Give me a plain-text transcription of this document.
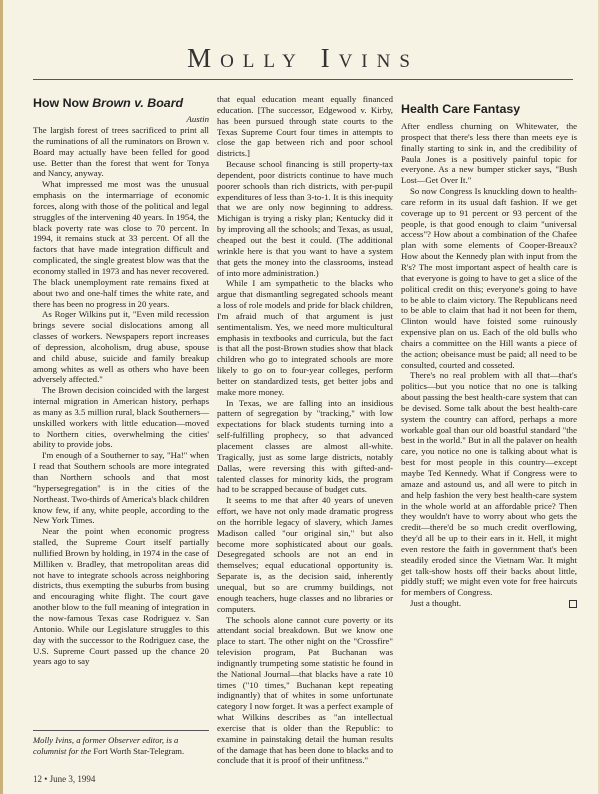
Molly Ivins
How Now Brown v. Board
Austin

The largish forest of trees sacrificed to print all the ruminations of all the ruminators on Brown v. Board may actually have been felled for good use. Better than the forest that went for Tonya and Nancy, anyway.

What impressed me most was the unusual emphasis on the intermarriage of economic forces, along with those of the political and legal struggles of the intervening 40 years. In 1954, the black poverty rate was close to 70 percent. In 1994, it remains stuck at 33 percent. Of all the factors that have made integration difficult and complicated, the single greatest blow was that the economy stalled in 1973 and has never recovered. The black unemployment rate remains fixed at about two and one-half times the white rate, and there has been no progress in 20 years.

As Roger Wilkins put it, "Even mild recession brings severe social dislocations among all classes of workers. Newspapers report increases of depression, alcoholism, drug abuse, spouse and child abuse, suicide and family breakup among whites as well as others who have been adversely affected."

The Brown decision coincided with the largest internal migration in American history, perhaps as many as 3.5 million rural, black Southerners—unskilled workers with little education—moved to Northern cities, overwhelming the cities' ability to provide jobs.

I'm enough of a Southerner to say, "Ha!" when I read that Southern schools are more integrated than Northern schools and that most "hypersegregation" is in the cities of the Northeast. Two-thirds of America's black children know few, if any, white people, according to the New York Times.

Near the point when economic progress stalled, the Supreme Court itself partially nullified Brown by holding, in 1974 in the case of Milliken v. Bradley, that metropolitan areas did not have to integrate schools across neighboring districts, thus exempting the suburbs from busing and encouraging white flight. The court gave another blow to the full meaning of integration in the now-famous Texas case Rodriguez v. San Antonio. While our Legislature struggles to this day with the successor to the Rodriguez case, the U.S. Supreme Court passed up the chance 20 years ago to say

that equal education meant equally financed education. [The successor, Edgewood v. Kirby, has been pursued through state courts to the Texas Supreme Court four times in attempts to close the gap between rich and poor school districts.]

Because school financing is still property-tax dependent, poor districts continue to have much poorer schools than rich districts, with per-pupil expenditures of less than 3-to-1. It is this inequity that we are only now beginning to address. Michigan is trying a risky plan; Kentucky did it by improving all the schools; and Texas, as usual, cheaped out the best it could. (The additional wrinkle here is that you want to have a system that gets the money into the classrooms, instead of into more administration.)

While I am sympathetic to the blacks who argue that dismantling segregated schools meant a loss of role models and pride for black children, I'm afraid much of that argument is just sentimentalism. Yes, we need more multicultural emphasis in textbooks and curricula, but the fact is that all the post-Brown studies show that black children who go to integrated schools are more likely to go on to four-year colleges, perform better on standardized tests, get better jobs and make more money.

In Texas, we are falling into an insidious pattern of segregation by "tracking," with low expectations for black students turning into a self-fulfilling prophecy, so that advanced placement classes are almost all-white. Tragically, just as some large districts, notably Dallas, were reversing this with gifted-and-talented classes for minority kids, the program had to be scrapped because of budget cuts.

It seems to me that after 40 years of uneven effort, we have not only made dramatic progress on the horrible legacy of slavery, which James Madison called "our original sin," but also become more sophisticated about our goals. Desegregated schools are not an end in themselves; equal educational opportunity is. Separate is, as the decision said, inherently unequal, but so are crummy buildings, not enough teachers, huge classes and no libraries or computers.

The schools alone cannot cure poverty or its attendant social breakdown. But we know one place to start. The other night on the "Crossfire" television program, Pat Buchanan was indignantly trumpeting some statistic he found in the National Journal—that blacks have a rate 10 times ("10 times," Buchanan kept repeating indignantly) that of whites in some unfortunate category I now forget. It was a perfect example of what Wilkins describes as "an intellectual exercise that is older than the Republic: to examine in painstaking detail the human results of the damage that has been done to blacks and to conclude that it is proof of their unfitness."

Health Care Fantasy

After endless churning on Whitewater, the prospect that there's less there than meets eye is finally starting to sink in, and the credibility of Paula Jones is a positively painful topic for everyone. As a new bumper sticker says, "Bush Lost—Get Over It."

So now Congress Is knuckling down to health-care reform in its usual daft fashion. If we get coverage up to 91 percent or 93 percent of the people, is that good enough to claim "universal access"? How about a combination of the Chafee plan with some elements of Cooper-Breaux? How about the Kennedy plan with input from the R's? The most important aspect of health care is that everyone is going to have to get a slice of the political credit on this; everyone's going to have to be able to claim victory. The Republicans need to be able to claim that had it not been for them, Clinton would have foisted some ruinously expensive plan on us. Each of the old bulls who chairs a committee on the Hill wants a piece of the action; obeisance must be paid; all need to be consulted, courted and cosseted.

There's no real problem with all that—that's politics—but you notice that no one is talking about passing the best health-care system that can be devised. Some talk about the best health-care system the country can afford, perhaps a more workable goal than our old boastful standard "the best in the world." But in all the palaver on health care, you notice no one is talking about what is best for most people in this country—except maybe Ted Kennedy. What if Congress were to amaze and astound us, and all were to pitch in and help fashion the very best health-care system in the whole world at an affordable price? Then they wouldn't have to worry about who gets the credit—there'd be so much credit overflowing, they'd all be up to their ears in it. Hell, it might even restore the faith in government that's been steadily eroded since the Vietnam War. It might get talk-show hosts off their backs about little, piddly stuff; we might even vote for free haircuts for members of Congress.

Just a thought.
Molly Ivins, a former Observer editor, is a columnist for the Fort Worth Star-Telegram.
12 • June 3, 1994
